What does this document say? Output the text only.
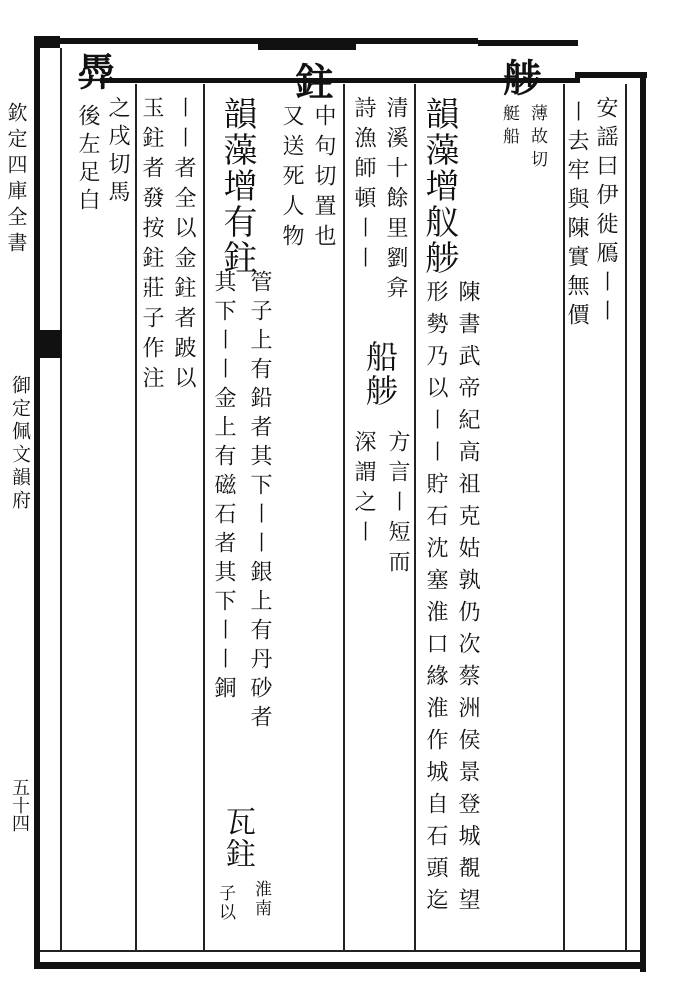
欽定四庫全書
御定佩文韻府
五十四
安謡曰伊徙鴈〡〡
〡去牢與陳實無價
䑰
薄故切
艇船
韻藻增舣䑰
陳書武帝紀高祖克姑孰仍次蔡洲侯景登城覩望
形勢乃以〡〡貯石沈塞淮口緣淮作城自石頭迄
清溪十餘里劉弇
船䑰
方言〡短而
詩漁師頓〡〡
深謂之〡
鉒
中句切置也
又送死人物
韻藻增有鉒
管子上有鉛者其下〡〡銀上有丹砂者
瓦鉒
淮南
其下〡〡金上有磁石者其下〡〡銅
子以
〡〡者全以金鉒者跛以
玉鉒者發按鉒莊子作注
馵
之戌切馬
後左足白
